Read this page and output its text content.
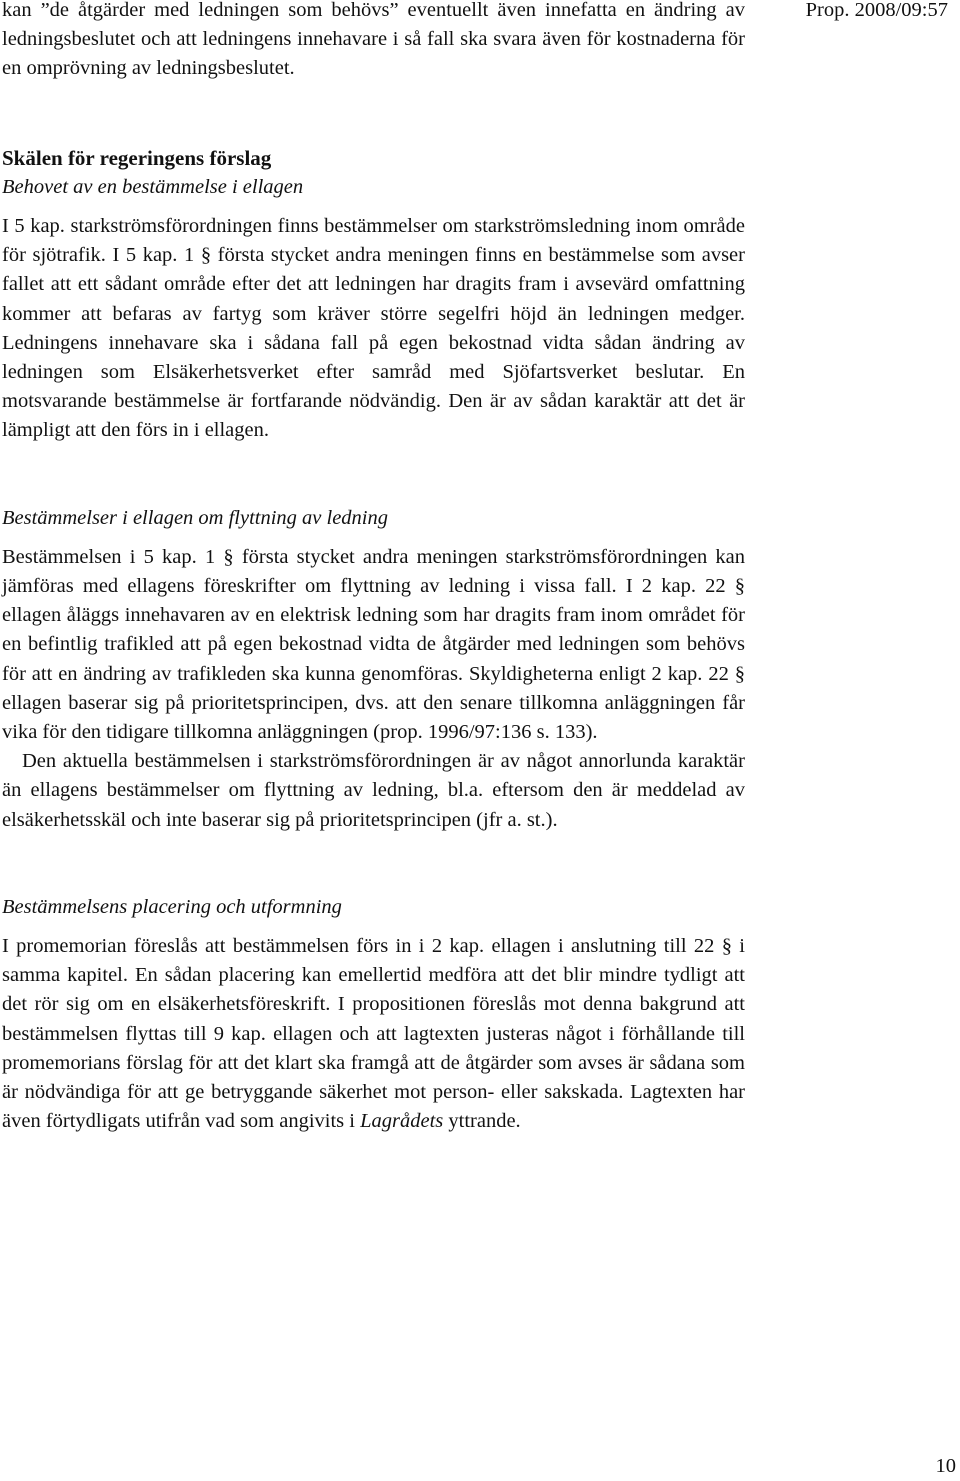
Prop. 2008/09:57

kan ”de åtgärder med ledningen som behövs” eventuellt även innefatta en ändring av ledningsbeslutet och att ledningens innehavare i så fall ska svara även för kostnaderna för en omprövning av ledningsbeslutet.

Skälen för regeringens förslag

Behovet av en bestämmelse i ellagen

I 5 kap. starkströmsförordningen finns bestämmelser om starkströmsledning inom område för sjötrafik. I 5 kap. 1 § första stycket andra meningen finns en bestämmelse som avser fallet att ett sådant område efter det att ledningen har dragits fram i avsevärd omfattning kommer att befaras av fartyg som kräver större segelfri höjd än ledningen medger. Ledningens innehavare ska i sådana fall på egen bekostnad vidta sådan ändring av ledningen som Elsäkerhetsverket efter samråd med Sjöfartsverket beslutar. En motsvarande bestämmelse är fortfarande nödvändig. Den är av sådan karaktär att det är lämpligt att den förs in i ellagen.

Bestämmelser i ellagen om flyttning av ledning

Bestämmelsen i 5 kap. 1 § första stycket andra meningen starkströmsförordningen kan jämföras med ellagens föreskrifter om flyttning av ledning i vissa fall. I 2 kap. 22 § ellagen åläggs innehavaren av en elektrisk ledning som har dragits fram inom området för en befintlig trafikled att på egen bekostnad vidta de åtgärder med ledningen som behövs för att en ändring av trafikleden ska kunna genomföras. Skyldigheterna enligt 2 kap. 22 § ellagen baserar sig på prioritetsprincipen, dvs. att den senare tillkomna anläggningen får vika för den tidigare tillkomna anläggningen (prop. 1996/97:136 s. 133).

Den aktuella bestämmelsen i starkströmsförordningen är av något annorlunda karaktär än ellagens bestämmelser om flyttning av ledning, bl.a. eftersom den är meddelad av elsäkerhetsskäl och inte baserar sig på prioritetsprincipen (jfr a. st.).

Bestämmelsens placering och utformning

I promemorian föreslås att bestämmelsen förs in i 2 kap. ellagen i anslutning till 22 § i samma kapitel. En sådan placering kan emellertid medföra att det blir mindre tydligt att det rör sig om en elsäkerhetsföreskrift. I propositionen föreslås mot denna bakgrund att bestämmelsen flyttas till 9 kap. ellagen och att lagtexten justeras något i förhållande till promemorians förslag för att det klart ska framgå att de åtgärder som avses är sådana som är nödvändiga för att ge betryggande säkerhet mot person- eller sakskada. Lagtexten har även förtydligats utifrån vad som angivits i Lagrådets yttrande.

10
